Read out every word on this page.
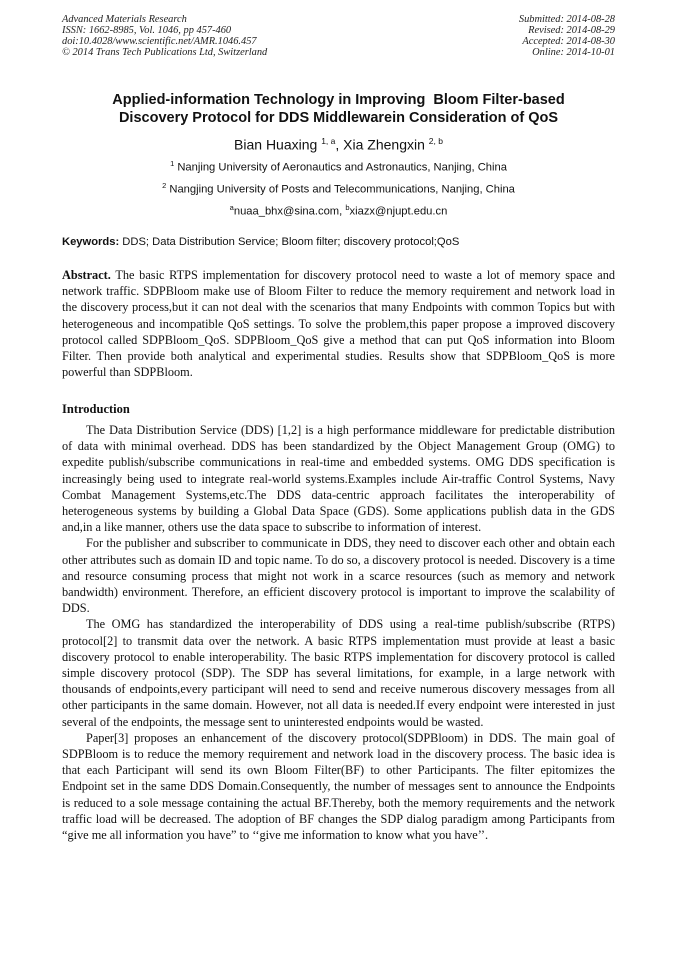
Advanced Materials Research
ISSN: 1662-8985, Vol. 1046, pp 457-460
doi:10.4028/www.scientific.net/AMR.1046.457
© 2014 Trans Tech Publications Ltd, Switzerland
Submitted: 2014-08-28
Revised: 2014-08-29
Accepted: 2014-08-30
Online: 2014-10-01
Applied-information Technology in Improving  Bloom Filter-based
Discovery Protocol for DDS Middlewarein Consideration of QoS
Bian Huaxing $^{1, a}$, Xia Zhengxin $^{2, b}$
$^1$ Nanjing University of Aeronautics and Astronautics, Nanjing, China
$^2$ Nangjing University of Posts and Telecommunications, Nanjing, China
$^a$nuaa_bhx@sina.com, $^b$xiazx@njupt.edu.cn
Keywords: DDS; Data Distribution Service; Bloom filter; discovery protocol;QoS
Abstract. The basic RTPS implementation for discovery protocol need to waste a lot of memory space and network traffic. SDPBloom make use of Bloom Filter to reduce the memory requirement and network load in the discovery process,but it can not deal with the scenarios that many Endpoints with common Topics but with heterogeneous and incompatible QoS settings. To solve the problem,this paper propose a improved discovery protocol called SDPBloom_QoS. SDPBloom_QoS give a method that can put QoS information into Bloom Filter. Then provide both analytical and experimental studies. Results show that SDPBloom_QoS is more powerful than SDPBloom.
Introduction

The Data Distribution Service (DDS) [1,2] is a high performance middleware for predictable distribution of data with minimal overhead. DDS has been standardized by the Object Management Group (OMG) to expedite publish/subscribe communications in real-time and embedded systems. OMG DDS specification is increasingly being used to integrate real-world systems.Examples include Air-traffic Control Systems, Navy Combat Management Systems,etc.The DDS data-centric approach facilitates the interoperability of heterogeneous systems by building a Global Data Space (GDS). Some applications publish data in the GDS and,in a like manner, others use the data space to subscribe to information of interest.

For the publisher and subscriber to communicate in DDS, they need to discover each other and obtain each other attributes such as domain ID and topic name. To do so, a discovery protocol is needed. Discovery is a time and resource consuming process that might not work in a scarce resources (such as memory and network bandwidth) environment. Therefore, an efficient discovery protocol is important to improve the scalability of DDS.

The OMG has standardized the interoperability of DDS using a real-time publish/subscribe (RTPS) protocol[2] to transmit data over the network. A basic RTPS implementation must provide at least a basic discovery protocol to enable interoperability. The basic RTPS implementation for discovery protocol is called simple discovery protocol (SDP). The SDP has several limitations, for example, in a large network with thousands of endpoints,every participant will need to send and receive numerous discovery messages from all other participants in the same domain. However, not all data is needed.If every endpoint were interested in just several of the endpoints, the message sent to uninterested endpoints would be wasted.

Paper[3] proposes an enhancement of the discovery protocol(SDPBloom) in DDS. The main goal of SDPBloom is to reduce the memory requirement and network load in the discovery process. The basic idea is that each Participant will send its own Bloom Filter(BF) to other Participants. The filter epitomizes the Endpoint set in the same DDS Domain.Consequently, the number of messages sent to announce the Endpoints is reduced to a sole message containing the actual BF.Thereby, both the memory requirements and the network traffic load will be decreased. The adoption of BF changes the SDP dialog paradigm among Participants from “give me all information you have” to ‘‘give me information to know what you have’’.
